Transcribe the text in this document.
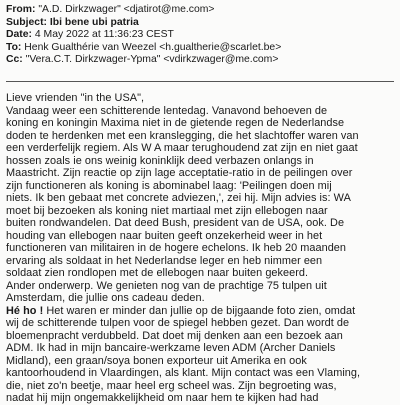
From: "A.D. Dirkzwager" <djatirot@me.com>
Subject: Ibi bene ubi patria
Date: 4 May 2022 at 11:36:23 CEST
To: Henk Gualthérie van Weezel <h.gualtherie@scarlet.be>
Cc: "Vera.C.T. Dirkzwager-Ypma" <vdirkzwager@me.com>
Lieve vrienden "in the USA",
Vandaag weer een schitterende lentedag. Vanavond behoeven de
koning en koningin Maxima niet in de gietende regen de Nederlandse
doden te herdenken met een kranslegging, die het slachtoffer waren van
een verderfelijk regiem. Als W A maar terughoudend zat zijn en niet gaat
hossen zoals ie ons weinig koninklijk deed verbazen onlangs in
Maastricht. Zijn reactie op zijn lage acceptatie-ratio in de peilingen over
zijn functioneren als koning is abominabel laag: 'Peilingen doen mij
niets. Ik ben gebaat met concrete adviezen,', zei hij. Mijn advies is: WA
moet bij bezoeken als koning niet martiaal met zijn ellebogen naar
buiten rondwandelen. Dat deed Bush, president van de USA, ook. De
houding van ellebogen naar buiten geeft onzekerheid weer in het
functioneren van militairen in de hogere echelons. Ik heb 20 maanden
ervaring als soldaat in het Nederlandse leger en heb nimmer een
soldaat zien rondlopen met de ellebogen naar buiten gekeerd.
Ander onderwerp. We genieten nog van de prachtige 75 tulpen uit
Amsterdam, die jullie ons cadeau deden.
Hé ho ! Het waren er minder dan jullie op de bijgaande foto zien, omdat
wij de schitterende tulpen voor de spiegel hebben gezet. Dan wordt de
bloemenpracht verdubbeld. Dat doet mij denken aan een bezoek aan
ADM. Ik had in mijn bancaire-werkzame leven ADM (Archer Daniels
Midland), een graan/soya bonen exporteur uit Amerika en ook
kantoorhoudend in Vlaardingen, als klant. Mijn contact was een Vlaming,
die, niet zo'n beetje, maar heel erg scheel was. Zijn begroeting was,
nadat hij mijn ongemakkelijkheid om naar hem te kijken had had
